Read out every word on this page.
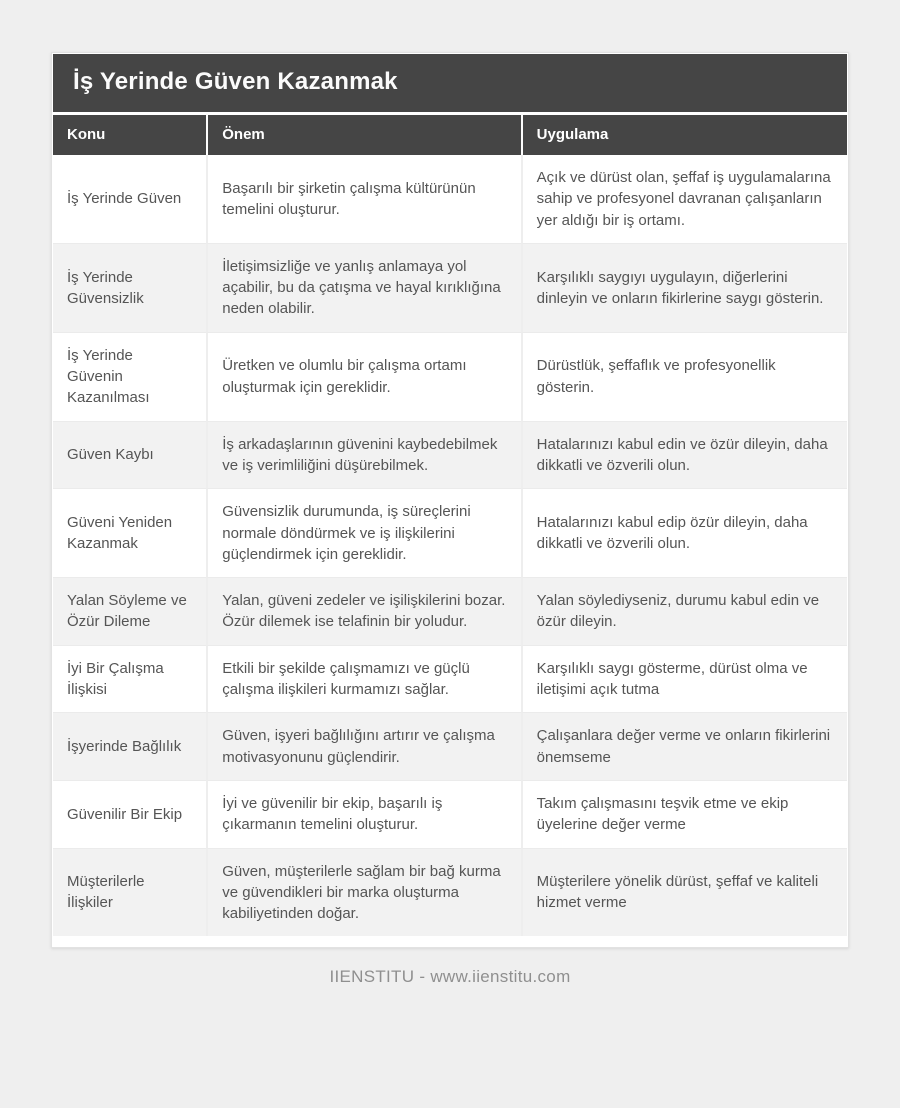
İş Yerinde Güven Kazanmak
Konu	Önem	Uygulama
İş Yerinde Güven	Başarılı bir şirketin çalışma kültürünün temelini oluşturur.	Açık ve dürüst olan, şeffaf iş uygulamalarına sahip ve profesyonel davranan çalışanların yer aldığı bir iş ortamı.
İş Yerinde Güvensizlik	İletişimsizliğe ve yanlış anlamaya yol açabilir, bu da çatışma ve hayal kırıklığına neden olabilir.	Karşılıklı saygıyı uygulayın, diğerlerini dinleyin ve onların fikirlerine saygı gösterin.
İş Yerinde Güvenin Kazanılması	Üretken ve olumlu bir çalışma ortamı oluşturmak için gereklidir.	Dürüstlük, şeffaflık ve profesyonellik gösterin.
Güven Kaybı	İş arkadaşlarının güvenini kaybedebilmek ve iş verimliliğini düşürebilmek.	Hatalarınızı kabul edin ve özür dileyin, daha dikkatli ve özverili olun.
Güveni Yeniden Kazanmak	Güvensizlik durumunda, iş süreçlerini normale döndürmek ve iş ilişkilerini güçlendirmek için gereklidir.	Hatalarınızı kabul edip özür dileyin, daha dikkatli ve özverili olun.
Yalan Söyleme ve Özür Dileme	Yalan, güveni zedeler ve işilişkilerini bozar. Özür dilemek ise telafinin bir yoludur.	Yalan söylediyseniz, durumu kabul edin ve özür dileyin.
İyi Bir Çalışma İlişkisi	Etkili bir şekilde çalışmamızı ve güçlü çalışma ilişkileri kurmamızı sağlar.	Karşılıklı saygı gösterme, dürüst olma ve iletişimi açık tutma
İşyerinde Bağlılık	Güven, işyeri bağlılığını artırır ve çalışma motivasyonunu güçlendirir.	Çalışanlara değer verme ve onların fikirlerini önemseme
Güvenilir Bir Ekip	İyi ve güvenilir bir ekip, başarılı iş çıkarmanın temelini oluşturur.	Takım çalışmasını teşvik etme ve ekip üyelerine değer verme
Müşterilerle İlişkiler	Güven, müşterilerle sağlam bir bağ kurma ve güvendikleri bir marka oluşturma kabiliyetinden doğar.	Müşterilere yönelik dürüst, şeffaf ve kaliteli hizmet verme
IIENSTITU - www.iienstitu.com
